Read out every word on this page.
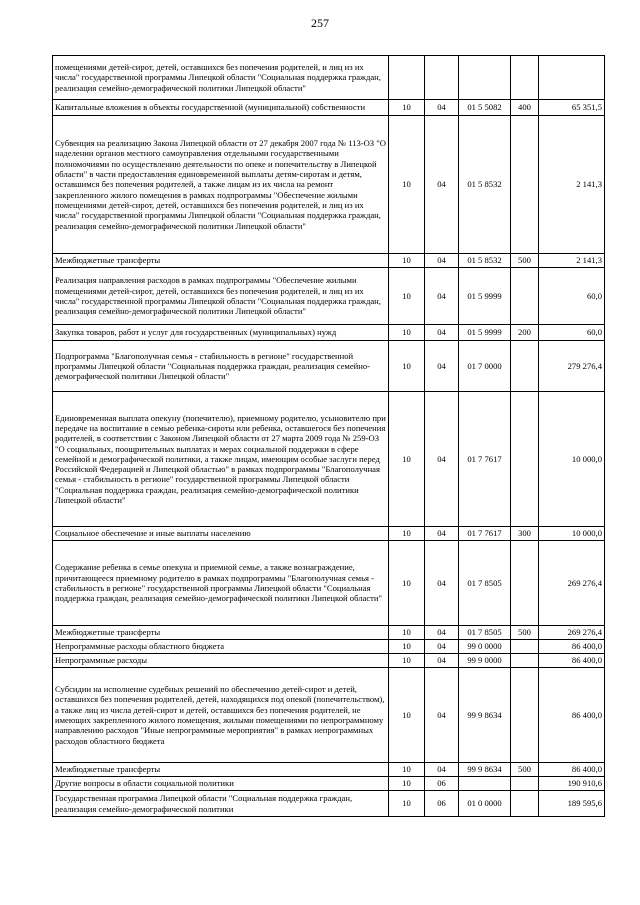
257
помещениями детей-сирот, детей, оставшихся без попечения родителей, и лиц из их числа" государственной программы Липецкой области "Социальная поддержка граждан, реализация семейно-демографической политики Липецкой области"					
Капитальные вложения в объекты государственной (муниципальной) собственности	10	04	01 5 5082	400	65 351,5
Субвенция на реализацию Закона Липецкой области от 27 декабря 2007 года № 113-ОЗ "О наделении органов местного самоуправления отдельными государственными полномочиями по осуществлению деятельности по опеке и попечительству в Липецкой области" в части предоставления единовременной выплаты детям-сиротам и детям, оставшимся без попечения родителей, а также лицам из их числа на ремонт закрепленного жилого помещения в рамках подпрограммы "Обеспечение жилыми помещениями детей-сирот, детей, оставшихся без попечения родителей, и лиц из их числа" государственной программы Липецкой области "Социальная поддержка граждан, реализация семейно-демографической политики Липецкой области"	10	04	01 5 8532		2 141,3
Межбюджетные трансферты	10	04	01 5 8532	500	2 141,3
Реализация направления расходов в рамках подпрограммы "Обеспечение жилыми помещениями детей-сирот, детей, оставшихся без попечения родителей, и лиц из их числа" государственной программы Липецкой области "Социальная поддержка граждан, реализация семейно-демографической политики Липецкой области"	10	04	01 5 9999		60,0
Закупка товаров, работ и услуг для государственных (муниципальных) нужд	10	04	01 5 9999	200	60,0
Подпрограмма "Благополучная семья - стабильность в регионе" государственной программы Липецкой области "Социальная поддержка граждан, реализация семейно-демографической политики Липецкой области"	10	04	01 7 0000		279 276,4
Единовременная выплата опекуну (попечителю), приемному родителю, усыновителю при передаче на воспитание в семью ребенка-сироты или ребенка, оставшегося без попечения родителей, в соответствии с Законом Липецкой области от 27 марта 2009 года № 259-ОЗ "О социальных, поощрительных выплатах и мерах социальной поддержки в сфере семейной и демографической политики, а также лицам, имеющим особые заслуги перед Российской Федерацией и Липецкой областью" в рамках подпрограммы "Благополучная семья - стабильность в регионе" государственной программы Липецкой области "Социальная поддержка граждан, реализация семейно-демографической политики Липецкой области"	10	04	01 7 7617		10 000,0
Социальное обеспечение и иные выплаты населению	10	04	01 7 7617	300	10 000,0
Содержание ребенка в семье опекуна и приемной семье, а также вознаграждение, причитающееся приемному родителю в рамках подпрограммы "Благополучная семья - стабильность в регионе" государственной программы Липецкой области "Социальная поддержка граждан, реализация семейно-демографической политики Липецкой области"	10	04	01 7 8505		269 276,4
Межбюджетные трансферты	10	04	01 7 8505	500	269 276,4
Непрограммные расходы областного бюджета	10	04	99 0 0000		86 400,0
Непрограммные расходы	10	04	99 9 0000		86 400,0
Субсидии на исполнение судебных решений по обеспечению детей-сирот и детей, оставшихся без попечения родителей, детей, находящихся под опекой (попечительством), а также лиц из числа детей-сирот и детей, оставшихся без попечения родителей, не имеющих закрепленного жилого помещения, жилыми помещениями по непрограммному направлению расходов "Иные непрограммные мероприятия" в рамках непрограммных расходов областного бюджета	10	04	99 9 8634		86 400,0
Межбюджетные трансферты	10	04	99 9 8634	500	86 400,0
Другие вопросы в области социальной политики	10	06			190 910,6
Государственная программа Липецкой области "Социальная поддержка граждан, реализация семейно-демографической политики	10	06	01 0 0000		189 595,6
